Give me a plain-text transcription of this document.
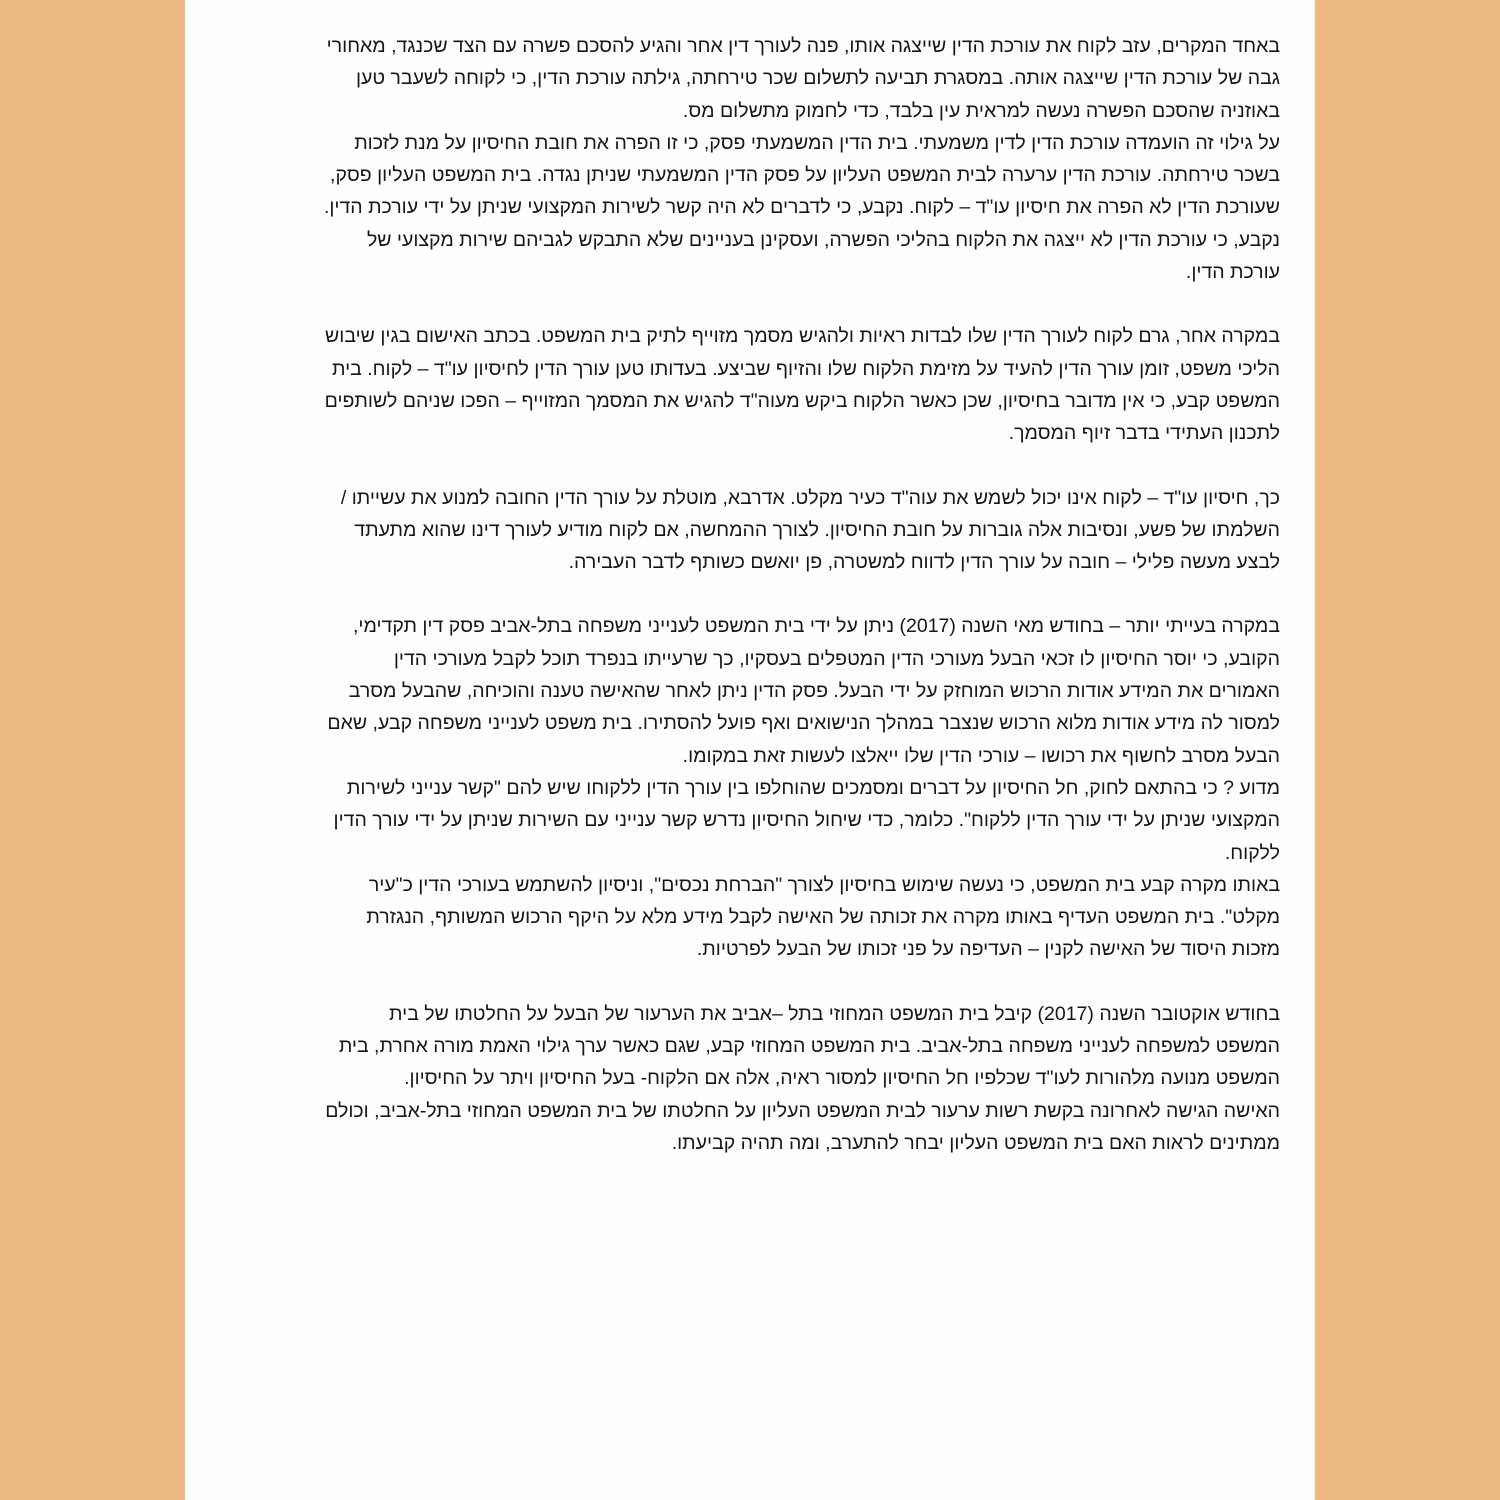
באחד המקרים, עזב לקוח את עורכת הדין שייצגה אותו, פנה לעורך דין אחר והגיע להסכם פשרה עם הצד שכנגד, מאחורי גבה של עורכת הדין שייצגה אותה. במסגרת תביעה לתשלום שכר טירחתה, גילתה עורכת הדין, כי לקוחה לשעבר טען באוזניה שהסכם הפשרה נעשה למראית עין בלבד, כדי לחמוק מתשלום מס.

על גילוי זה הועמדה עורכת הדין לדין משמעתי. בית הדין המשמעתי פסק, כי זו הפרה את חובת החיסיון על מנת לזכות בשכר טירחתה. עורכת הדין ערערה לבית המשפט העליון על פסק הדין המשמעתי שניתן נגדה. בית המשפט העליון פסק, שעורכת הדין לא הפרה את חיסיון עו"ד – לקוח. נקבע, כי לדברים לא היה קשר לשירות המקצועי שניתן על ידי עורכת הדין. נקבע, כי עורכת הדין לא ייצגה את הלקוח בהליכי הפשרה, ועסקינן בעניינים שלא התבקש לגביהם שירות מקצועי של עורכת הדין.

במקרה אחר, גרם לקוח לעורך הדין שלו לבדות ראיות ולהגיש מסמך מזוייף לתיק בית המשפט. בכתב האישום בגין שיבוש הליכי משפט, זומן עורך הדין להעיד על מזימת הלקוח שלו והזיוף שביצע. בעדותו טען עורך הדין לחיסיון עו"ד – לקוח. בית המשפט קבע, כי אין מדובר בחיסיון, שכן כאשר הלקוח ביקש מעוה"ד להגיש את המסמך המזוייף – הפכו שניהם לשותפים לתכנון העתידי בדבר זיוף המסמך.

כך, חיסיון עו"ד – לקוח אינו יכול לשמש את עוה"ד כעיר מקלט. אדרבא, מוטלת על עורך הדין החובה למנוע את עשייתו / השלמתו של פשע, ונסיבות אלה גוברות על חובת החיסיון. לצורך ההמחשה, אם לקוח מודיע לעורך דינו שהוא מתעתד לבצע מעשה פלילי – חובה על עורך הדין לדווח למשטרה, פן יואשם כשותף לדבר העבירה.

במקרה בעייתי יותר – בחודש מאי השנה (2017) ניתן על ידי בית המשפט לענייני משפחה בתל-אביב פסק דין תקדימי, הקובע, כי יוסר החיסיון לו זכאי הבעל מעורכי הדין המטפלים בעסקיו, כך שרעייתו בנפרד תוכל לקבל מעורכי הדין האמורים את המידע אודות הרכוש המוחזק על ידי הבעל. פסק הדין ניתן לאחר שהאישה טענה והוכיחה, שהבעל מסרב למסור לה מידע אודות מלוא הרכוש שנצבר במהלך הנישואים ואף פועל להסתירו. בית משפט לענייני משפחה קבע, שאם הבעל מסרב לחשוף את רכושו – עורכי הדין שלו ייאלצו לעשות זאת במקומו.

מדוע ? כי בהתאם לחוק, חל החיסיון על דברים ומסמכים שהוחלפו בין עורך הדין ללקוחו שיש להם "קשר ענייני לשירות המקצועי שניתן על ידי עורך הדין ללקוח". כלומר, כדי שיחול החיסיון נדרש קשר ענייני עם השירות שניתן על ידי עורך הדין ללקוח.

באותו מקרה קבע בית המשפט, כי נעשה שימוש בחיסיון לצורך "הברחת נכסים", וניסיון להשתמש בעורכי הדין כ"עיר מקלט". בית המשפט העדיף באותו מקרה את זכותה של האישה לקבל מידע מלא על היקף הרכוש המשותף, הנגזרת מזכות היסוד של האישה לקנין – העדיפה על פני זכותו של הבעל לפרטיות.

בחודש אוקטובר השנה (2017) קיבל בית המשפט המחוזי בתל –אביב את הערעור של הבעל על החלטתו של בית המשפט למשפחה לענייני משפחה בתל-אביב. בית המשפט המחוזי קבע, שגם כאשר ערך גילוי האמת מורה אחרת, בית המשפט מנועה מלהורות לעו"ד שכלפיו חל החיסיון למסור ראיה, אלה אם הלקוח- בעל החיסיון ויתר על החיסיון.

האישה הגישה לאחרונה בקשת רשות ערעור לבית המשפט העליון על החלטתו של בית המשפט המחוזי בתל-אביב, וכולם ממתינים לראות האם בית המשפט העליון יבחר להתערב, ומה תהיה קביעתו.
